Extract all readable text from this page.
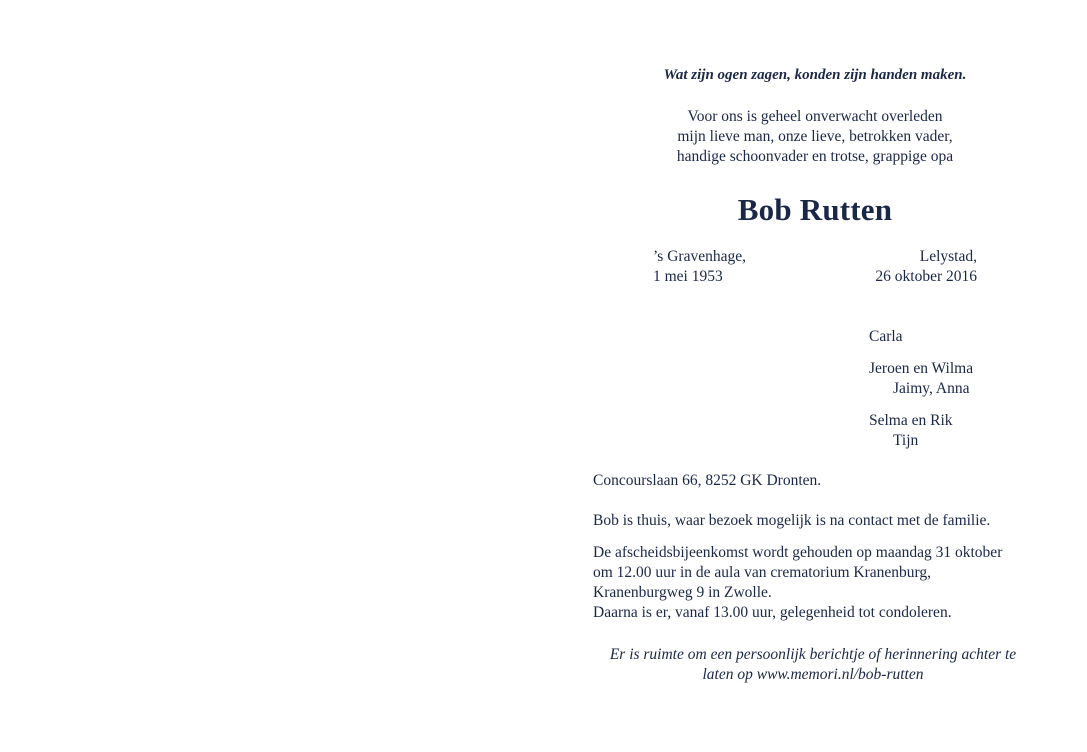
Wat zijn ogen zagen, konden zijn handen maken.
Voor ons is geheel onverwacht overleden
mijn lieve man, onze lieve, betrokken vader,
handige schoonvader en trotse, grappige opa
Bob Rutten
’s Gravenhage,
1 mei 1953
Lelystad,
26 oktober 2016
Carla
Jeroen en Wilma
Jaimy, Anna
Selma en Rik
Tijn
Concourslaan 66, 8252 GK Dronten.
Bob is thuis, waar bezoek mogelijk is na contact met de familie.
De afscheidsbijeenkomst wordt gehouden op maandag 31 oktober
om 12.00 uur in de aula van crematorium Kranenburg,
Kranenburgweg 9 in Zwolle.
Daarna is er, vanaf 13.00 uur, gelegenheid tot condoleren.
Er is ruimte om een persoonlijk berichtje of herinnering achter te
laten op www.memori.nl/bob-rutten
